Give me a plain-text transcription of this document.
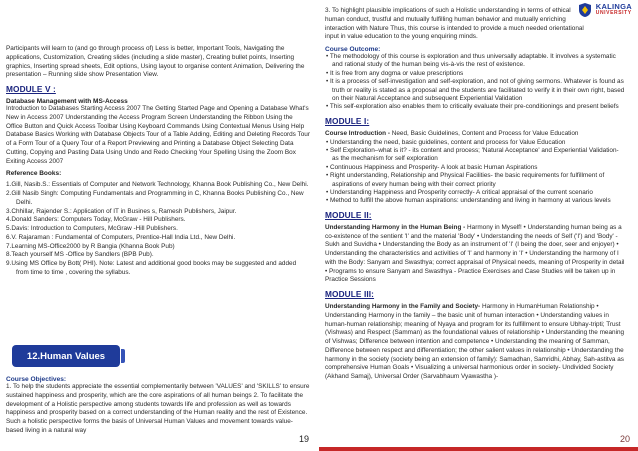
Participants will learn to (and go through process of) Less is better, Important Tools, Navigating the applications, Customization, Creating slides (including a slide master), Creating bullet points, Inserting graphics, Inserting spread sheets, Edit options, Using layout to organise content Animation, Delivering the presentation – Running slide show Presentation View.

MODULE V :

Database Management with MS-Access

Introduction to Databases Starting Access 2007 The Getting Started Page and Opening a Database What's New in Access 2007 Understanding the Access Program Screen Understanding the Ribbon Using the Office Button and Quick Access Toolbar Using Keyboard Commands Using Contextual Menus Using Help Database Basics Working with Database Objects Tour of a Table Adding, Editing and Deleting Records Tour of a Form Tour of a Query Tour of a Report Previewing and Printing a Database Object Selecting Data Cutting, Copying and Pasting Data Using Undo and Redo Checking Your Spelling Using the Zoom Box Exiting Access 2007

Reference Books:

1.Gill, Nasib.S.: Essentials of Computer and Network Technology, Khanna Book Publishing Co., New Delhi.
2.Gill Nasib Singh: Computing Fundamentals and Programming in C, Khanna Books Publishing Co., New Delhi.
3.Chhillar, Rajender S.: Application of IT in Busines s, Ramesh Publishers, Jaipur.
4.Donald Sanders: Computers Today, McGraw - Hill Publishers.
5.Davis: Introduction to Computers, McGraw -Hill Publishers.
6.V. Rajaraman : Fundamental of Computers, Prentice-Hall India Ltd., New Delhi.
7.Learning MS-Office2000 by R Bangia (Khanna Book Pub)
8.Teach yourself MS -Office by Sandlers (BPB Pub).
9.Using MS Office by Bott( PHI). Note: Latest and additional good books may be suggested and added from time to time , covering the syllabus.
12.Human Values

Course Objectives:

1. To help the students appreciate the essential complementarily between 'VALUES' and 'SKILLS' to ensure sustained happiness and prosperity, which are the core aspirations of all human beings 2. To facilitate the development of a Holistic perspective among students towards life and profession as well as towards happiness and prosperity based on a correct understanding of the Human reality and the rest of Existence. Such a holistic perspective forms the basis of Universal Human Values and movement towards value-based living in a natural way

19
KALINGA
UNIVERSITY

3. To highlight plausible implications of such a Holistic understanding in terms of ethical human conduct, trustful and mutually fulfilling human behavior and mutually enriching interaction with Nature Thus, this course is intended to provide a much needed orientational input in value education to the young enquiring minds.

Course Outcome:

• The methodology of this course is exploration and thus universally adaptable. It involves a systematic and rational study of the human being vis-à-vis the rest of existence.
• It is free from any dogma or value prescriptions
• It is a process of self-investigation and self-exploration, and not of giving sermons. Whatever is found as truth or reality is stated as a proposal and the students are facilitated to verify it in their own right, based on their Natural Acceptance and subsequent Experiential Validation
• This self-exploration also enables them to critically evaluate their pre-conditionings and present beliefs

MODULE I:

Course Introduction - Need, Basic Guidelines, Content and Process for Value Education

• Understanding the need, basic guidelines, content and process for Value Education
• Self Exploration–what is it? - its content and process; 'Natural Acceptance' and Experiential Validation- as the mechanism for self exploration
• Continuous Happiness and Prosperity- A look at basic Human Aspirations
• Right understanding, Relationship and Physical Facilities- the basic requirements for fulfillment of aspirations of every human being with their correct priority
• Understanding Happiness and Prosperity correctly- A critical appraisal of the current scenario
• Method to fulfill the above human aspirations: understanding and living in harmony at various levels

MODULE II:

Understanding Harmony in the Human Being - Harmony in Myself! • Understanding human being as a co-existence of the sentient 'I' and the material 'Body' • Understanding the needs of Self ('I') and 'Body' - Sukh and Suvidha • Understanding the Body as an instrument of 'I' (I being the doer, seer and enjoyer) • Understanding the characteristics and activities of 'I' and harmony in 'I' • Understanding the harmony of I with the Body: Sanyam and Swasthya; correct appraisal of Physical needs, meaning of Prosperity in detail • Programs to ensure Sanyam and Swasthya - Practice Exercises and Case Studies will be taken up in Practice Sessions

MODULE III:

Understanding Harmony in the Family and Society- Harmony in HumanHuman Relationship • Understanding Harmony in the family – the basic unit of human interaction • Understanding values in human-human relationship; meaning of Nyaya and program for its fulfillment to ensure Ubhay-tripti; Trust (Vishwas) and Respect (Samman) as the foundational values of relationship • Understanding the meaning of Vishwas; Difference between intention and competence • Understanding the meaning of Samman, Difference between respect and differentiation; the other salient values in relationship • Understanding the harmony in the society (society being an extension of family): Samadhan, Samridhi, Abhay, Sah-astitva as comprehensive Human Goals • Visualizing a universal harmonious order in society- Undivided Society (Akhand Samaj), Universal Order (Sarvabhaum Vyawastha )-

20
